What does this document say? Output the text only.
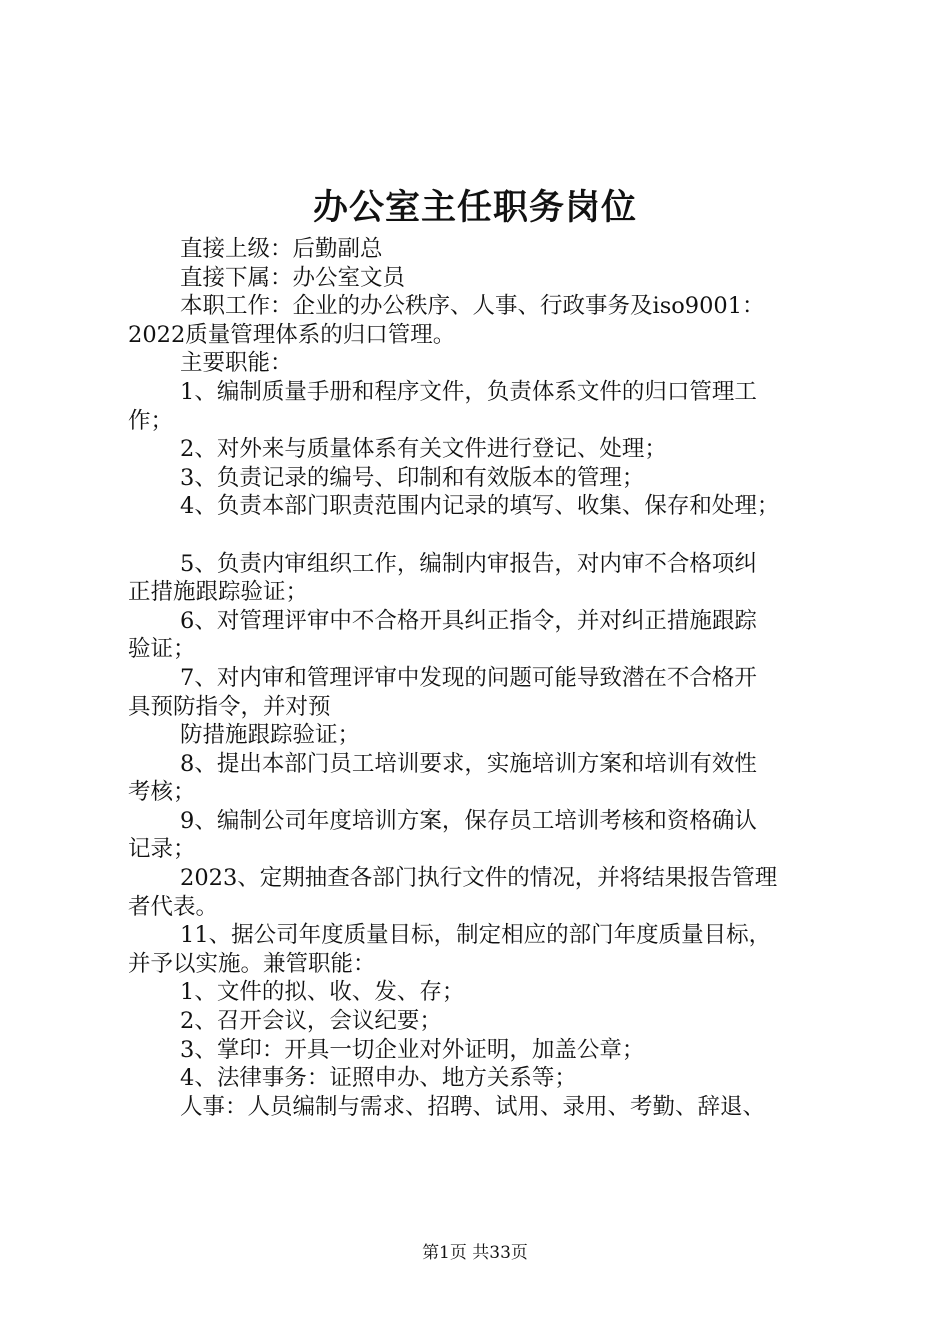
办公室主任职务岗位

直接上级：后勤副总

直接下属：办公室文员

本职工作：企业的办公秩序、人事、行政事务及iso9001：

2022质量管理体系的归口管理。

主要职能：

1、编制质量手册和程序文件，负责体系文件的归口管理工

作；

2、对外来与质量体系有关文件进行登记、处理；

3、负责记录的编号、印制和有效版本的管理；

4、负责本部门职责范围内记录的填写、收集、保存和处理；

5、负责内审组织工作，编制内审报告，对内审不合格项纠

正措施跟踪验证；

6、对管理评审中不合格开具纠正指令，并对纠正措施跟踪

验证；

7、对内审和管理评审中发现的问题可能导致潜在不合格开

具预防指令，并对预

防措施跟踪验证；

8、提出本部门员工培训要求，实施培训方案和培训有效性

考核；

9、编制公司年度培训方案，保存员工培训考核和资格确认

记录；

2023、定期抽查各部门执行文件的情况，并将结果报告管理

者代表。

11、据公司年度质量目标，制定相应的部门年度质量目标，

并予以实施。兼管职能：

1、文件的拟、收、发、存；

2、召开会议，会议纪要；

3、掌印：开具一切企业对外证明，加盖公章；

4、法律事务：证照申办、地方关系等；

人事：人员编制与需求、招聘、试用、录用、考勤、辞退、

第1页 共33页
